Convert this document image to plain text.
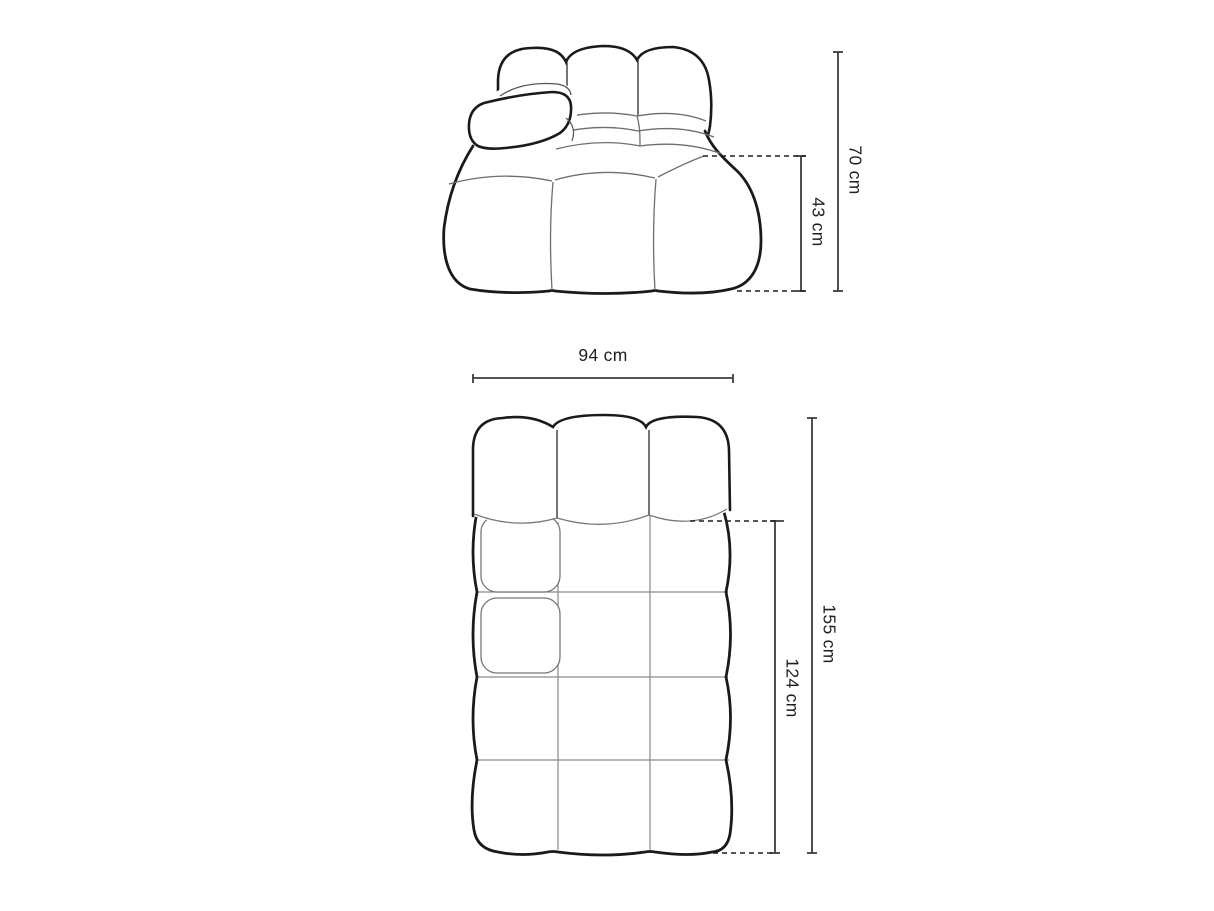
70 cm
43 cm
94 cm
155 cm
124 cm
